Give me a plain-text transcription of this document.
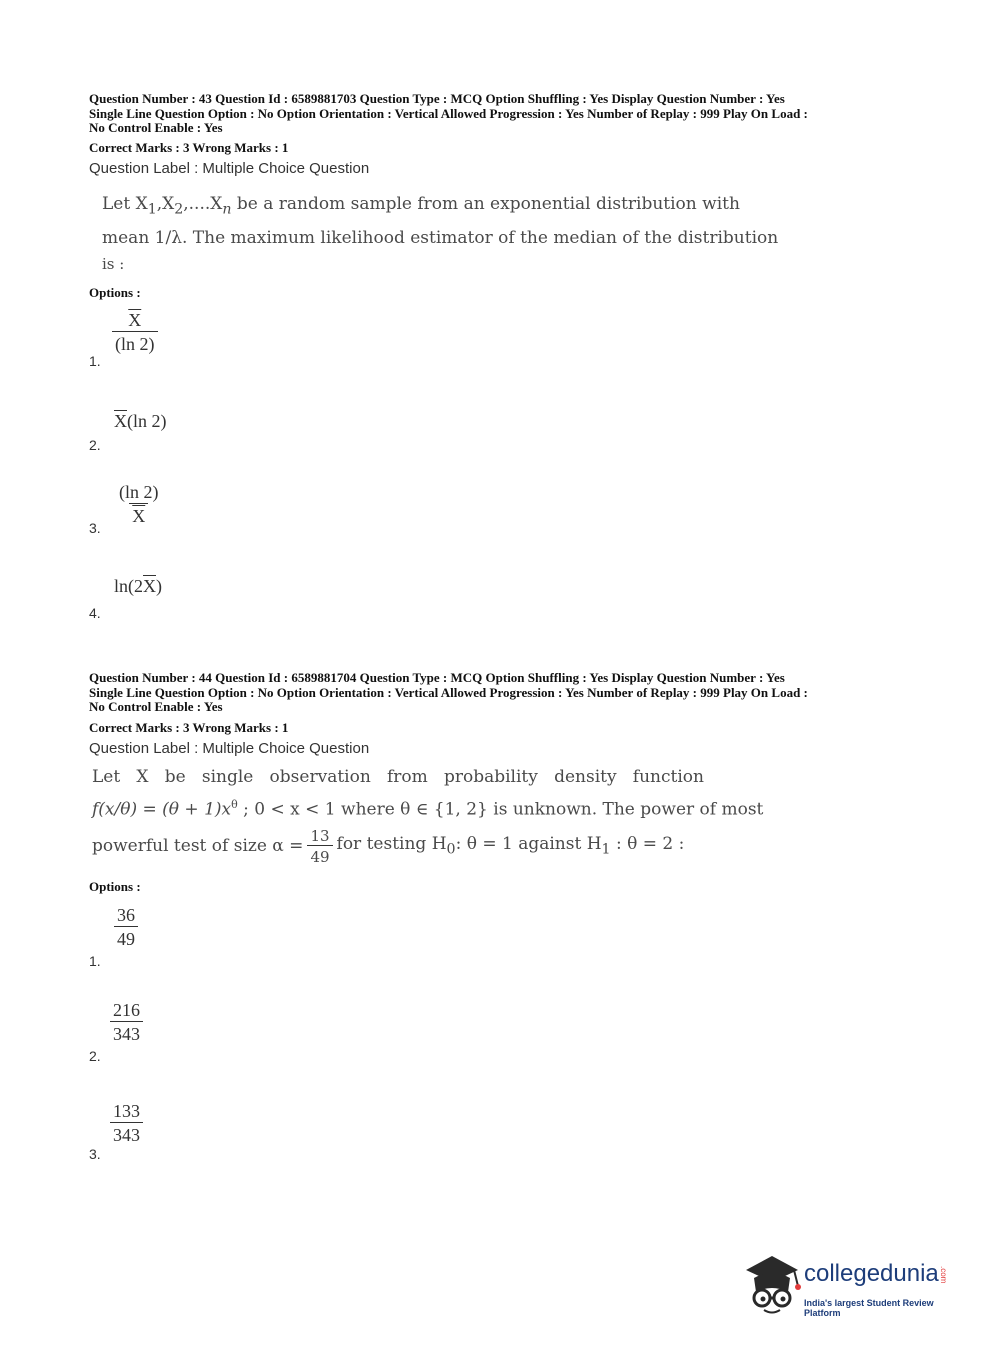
Question Number : 43 Question Id : 6589881703 Question Type : MCQ Option Shuffling : Yes Display Question Number : Yes
Single Line Question Option : No Option Orientation : Vertical Allowed Progression : Yes Number of Replay : 999 Play On Load :
No Control Enable : Yes
Correct Marks : 3 Wrong Marks : 1
Question Label : Multiple Choice Question
Let $X_1,X_2,....X_n$ be a random sample from an exponential distribution with
mean 1/λ. The maximum likelihood estimator of the median of the distribution
is :
Options :
$\frac{\overline{X}}{(\ln 2)}$
1.
$\overline{X}(\ln$ 2)
2.
$\frac{(\ln 2)}{X}$
3.
$\ln(2\overline{X})$
4.
Question Number : 44 Question Id : 6589881704 Question Type : MCQ Option Shuffling : Yes Display Question Number : Yes
Single Line Question Option : No Option Orientation : Vertical Allowed Progression : Yes Number of Replay : 999 Play On Load :
No Control Enable : Yes
Correct Marks : 3 Wrong Marks : 1
Question Label : Multiple Choice Question
Let   X   be   single   observation   from   probability   density   function
$f(x/\theta) = (\theta + 1)x^\theta$ ; 0 < x < 1 where θ ∈ {1, 2} is unknown. The power of most
powerful test of size $\alpha = \frac{13}{49}$ for testing $H_0$: θ = 1 against $H_1$ : θ = 2 :
Options :
$\frac{36}{49}$
1.
$\frac{216}{343}$
2.
$\frac{133}{343}$
3.
collegedunia.com
India's largest Student Review Platform
